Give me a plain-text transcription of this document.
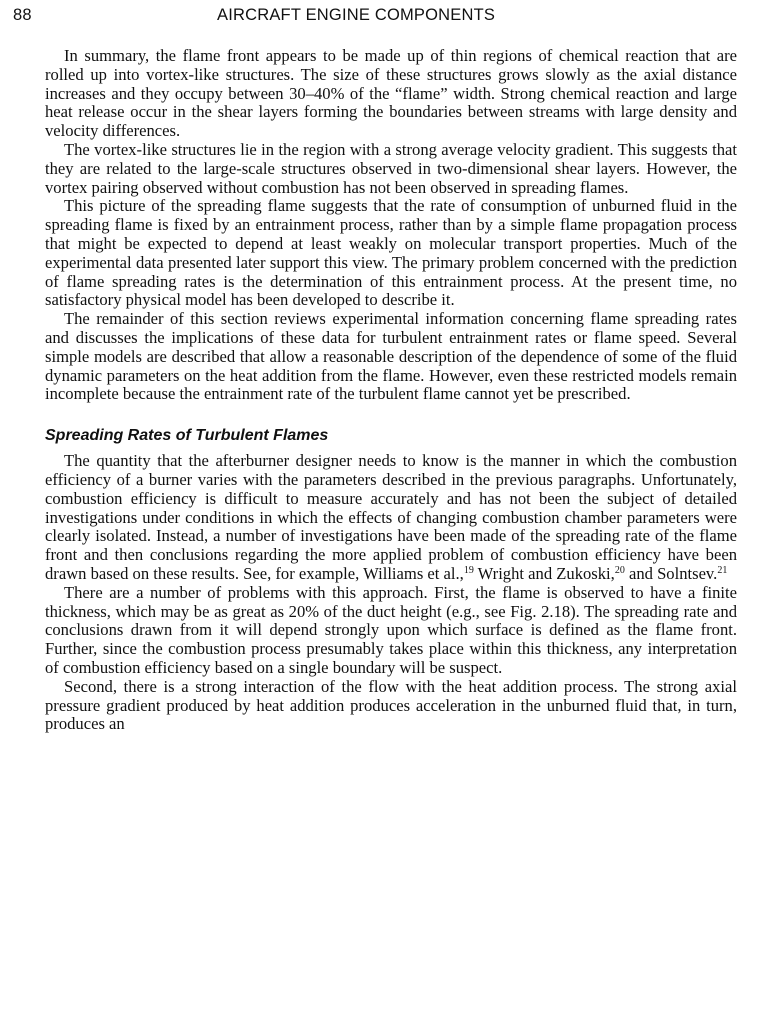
88	AIRCRAFT ENGINE COMPONENTS

In summary, the flame front appears to be made up of thin regions of chemical reaction that are rolled up into vortex-like structures. The size of these structures grows slowly as the axial distance increases and they occupy between 30–40% of the “flame” width. Strong chemical reaction and large heat release occur in the shear layers forming the boundaries between streams with large density and velocity differences.

The vortex-like structures lie in the region with a strong average velocity gradient. This suggests that they are related to the large-scale structures observed in two-dimensional shear layers. However, the vortex pairing observed without combustion has not been observed in spreading flames.

This picture of the spreading flame suggests that the rate of consumption of unburned fluid in the spreading flame is fixed by an entrainment process, rather than by a simple flame propagation process that might be expected to depend at least weakly on molecular transport properties. Much of the experimental data presented later support this view. The primary problem concerned with the prediction of flame spreading rates is the determination of this entrainment process. At the present time, no satisfactory physical model has been developed to describe it.

The remainder of this section reviews experimental information concerning flame spreading rates and discusses the implications of these data for turbulent entrainment rates or flame speed. Several simple models are described that allow a reasonable description of the dependence of some of the fluid dynamic parameters on the heat addition from the flame. However, even these restricted models remain incomplete because the entrainment rate of the turbulent flame cannot yet be prescribed.

Spreading Rates of Turbulent Flames

The quantity that the afterburner designer needs to know is the manner in which the combustion efficiency of a burner varies with the parameters described in the previous paragraphs. Unfortunately, combustion efficiency is difficult to measure accurately and has not been the subject of detailed investigations under conditions in which the effects of changing combustion chamber parameters were clearly isolated. Instead, a number of investigations have been made of the spreading rate of the flame front and then conclusions regarding the more applied problem of combustion efficiency have been drawn based on these results. See, for example, Williams et al.,$^{19}$ Wright and Zukoski,$^{20}$ and Solntsev.$^{21}$

There are a number of problems with this approach. First, the flame is observed to have a finite thickness, which may be as great as 20% of the duct height (e.g., see Fig. 2.18). The spreading rate and conclusions drawn from it will depend strongly upon which surface is defined as the flame front. Further, since the combustion process presumably takes place within this thickness, any interpretation of combustion efficiency based on a single boundary will be suspect.

Second, there is a strong interaction of the flow with the heat addition process. The strong axial pressure gradient produced by heat addition produces acceleration in the unburned fluid that, in turn, produces an
